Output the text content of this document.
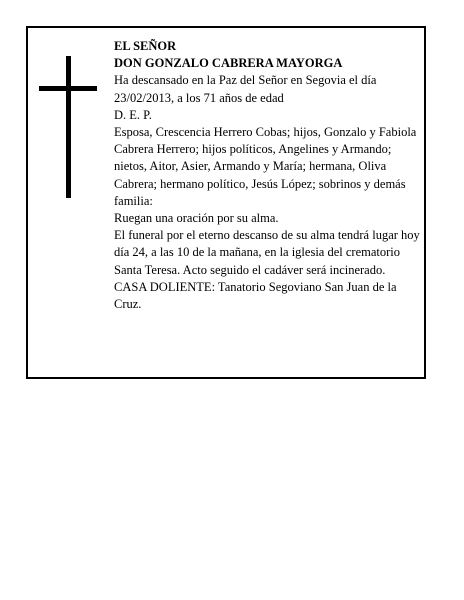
EL SEÑOR

DON GONZALO CABRERA MAYORGA

Ha descansado en la Paz del Señor en Segovia el día 23/02/2013, a los 71 años de edad

D. E. P.

Esposa, Crescencia Herrero Cobas; hijos, Gonzalo y Fabiola Cabrera Herrero; hijos políticos, Angelines y Armando; nietos, Aitor, Asier, Armando y María; hermana, Oliva Cabrera; hermano político, Jesús López; sobrinos y demás familia:

Ruegan una oración por su alma.

El funeral por el eterno descanso de su alma tendrá lugar hoy día 24, a las 10 de la mañana, en la iglesia del crematorio Santa Teresa. Acto seguido el cadáver será incinerado.

CASA DOLIENTE: Tanatorio Segoviano San Juan de la Cruz.
